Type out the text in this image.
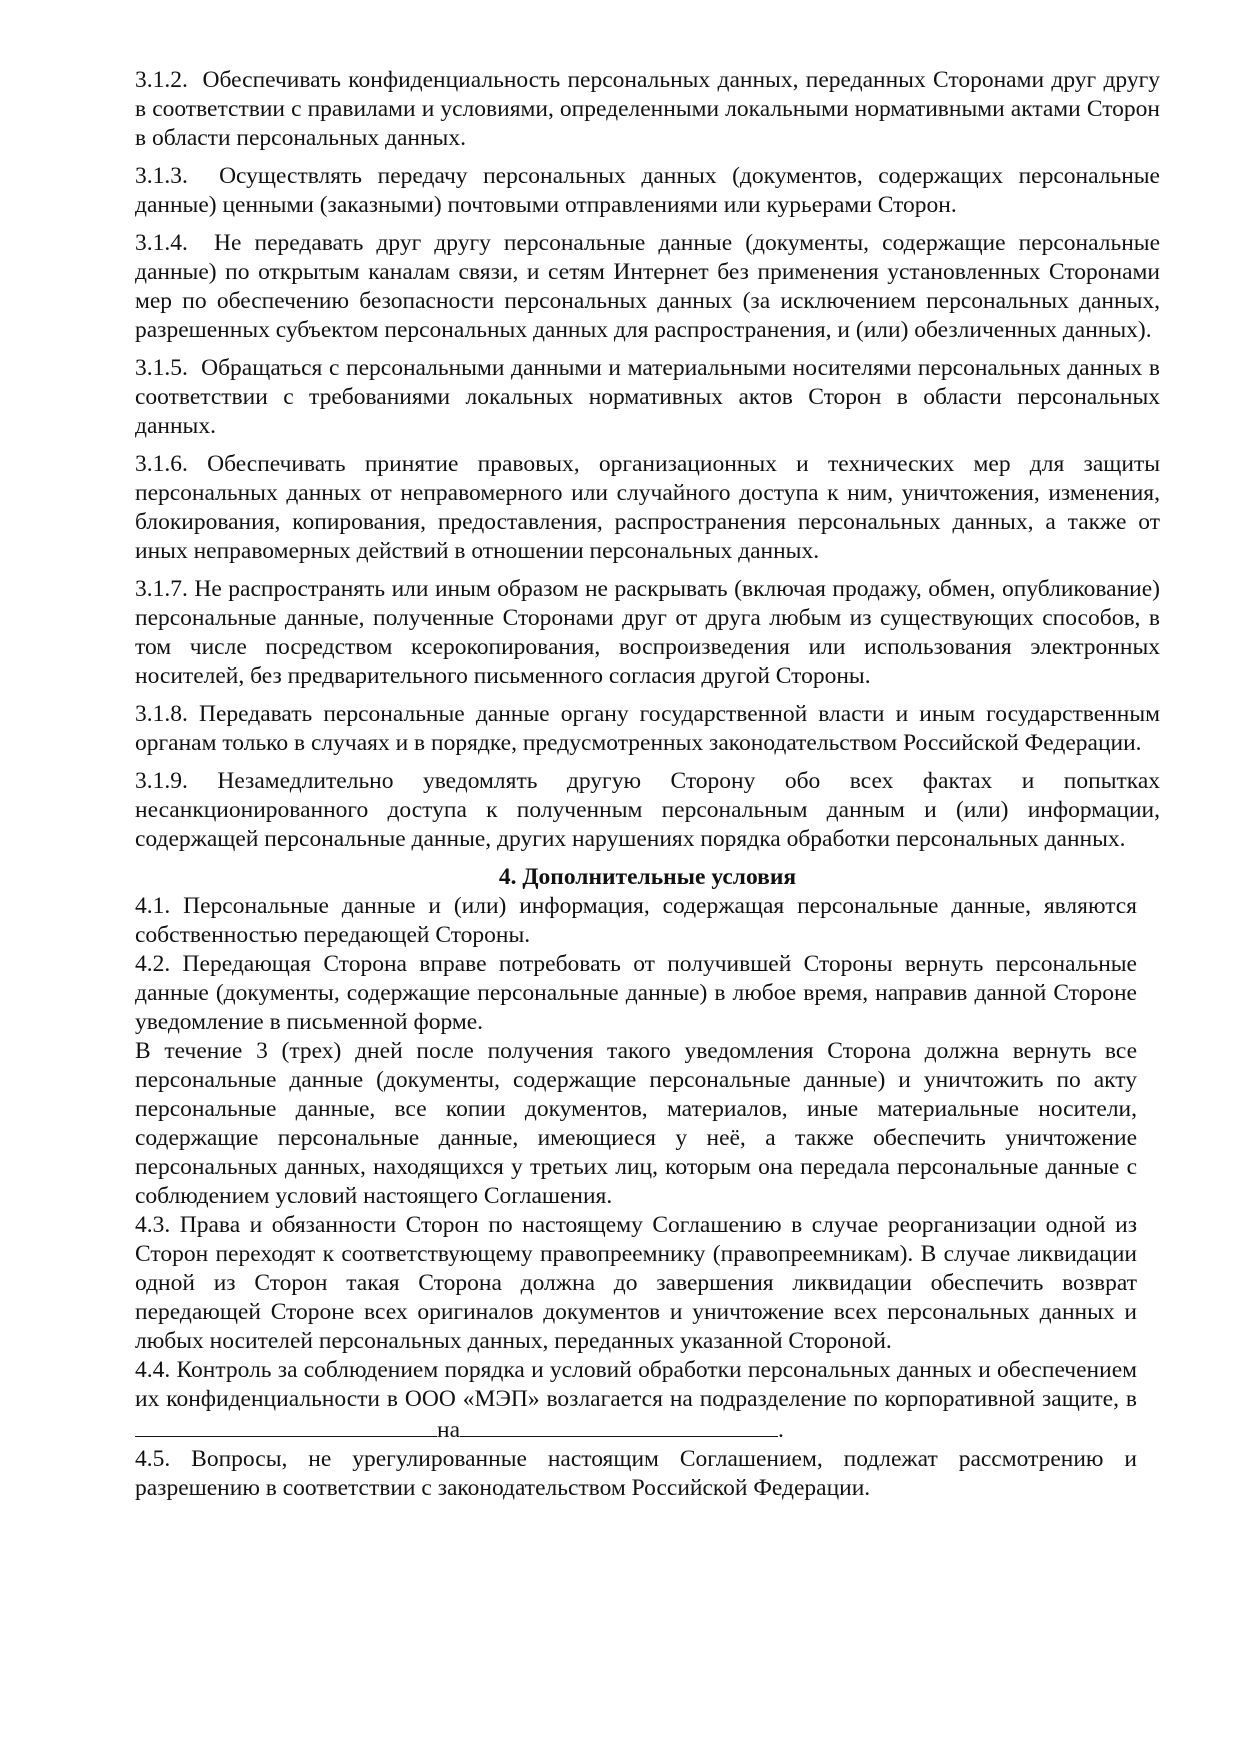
3.1.2. Обеспечивать конфиденциальность персональных данных, переданных Сторонами друг другу в соответствии с правилами и условиями, определенными локальными нормативными актами Сторон в области персональных данных.

3.1.3. Осуществлять передачу персональных данных (документов, содержащих персональные данные) ценными (заказными) почтовыми отправлениями или курьерами Сторон.

3.1.4. Не передавать друг другу персональные данные (документы, содержащие персональные данные) по открытым каналам связи, и сетям Интернет без применения установленных Сторонами мер по обеспечению безопасности персональных данных (за исключением персональных данных, разрешенных субъектом персональных данных для распространения, и (или) обезличенных данных).

3.1.5. Обращаться с персональными данными и материальными носителями персональных данных в соответствии с требованиями локальных нормативных актов Сторон в области персональных данных.

3.1.6. Обеспечивать принятие правовых, организационных и технических мер для защиты персональных данных от неправомерного или случайного доступа к ним, уничтожения, изменения, блокирования, копирования, предоставления, распространения персональных данных, а также от иных неправомерных действий в отношении персональных данных.

3.1.7. Не распространять или иным образом не раскрывать (включая продажу, обмен, опубликование) персональные данные, полученные Сторонами друг от друга любым из существующих способов, в том числе посредством ксерокопирования, воспроизведения или использования электронных носителей, без предварительного письменного согласия другой Стороны.

3.1.8. Передавать персональные данные органу государственной власти и иным государственным органам только в случаях и в порядке, предусмотренных законодательством Российской Федерации.

3.1.9. Незамедлительно уведомлять другую Сторону обо всех фактах и попытках несанкционированного доступа к полученным персональным данным и (или) информации, содержащей персональные данные, других нарушениях порядка обработки персональных данных.

4. Дополнительные условия

4.1. Персональные данные и (или) информация, содержащая персональные данные, являются собственностью передающей Стороны.

4.2. Передающая Сторона вправе потребовать от получившей Стороны вернуть персональные данные (документы, содержащие персональные данные) в любое время, направив данной Стороне уведомление в письменной форме.

В течение 3 (трех) дней после получения такого уведомления Сторона должна вернуть все персональные данные (документы, содержащие персональные данные) и уничтожить по акту персональные данные, все копии документов, материалов, иные материальные носители, содержащие персональные данные, имеющиеся у неё, а также обеспечить уничтожение персональных данных, находящихся у третьих лиц, которым она передала персональные данные с соблюдением условий настоящего Соглашения.

4.3. Права и обязанности Сторон по настоящему Соглашению в случае реорганизации одной из Сторон переходят к соответствующему правопреемнику (правопреемникам). В случае ликвидации одной из Сторон такая Сторона должна до завершения ликвидации обеспечить возврат передающей Стороне всех оригиналов документов и уничтожение всех персональных данных и любых носителей персональных данных, переданных указанной Стороной.

4.4. Контроль за соблюдением порядка и условий обработки персональных данных и обеспечением их конфиденциальности в ООО «МЭП» возлагается на подразделение по корпоративной защите, вна	.

4.5. Вопросы, не урегулированные настоящим Соглашением, подлежат рассмотрению и разрешению в соответствии с законодательством Российской Федерации.
